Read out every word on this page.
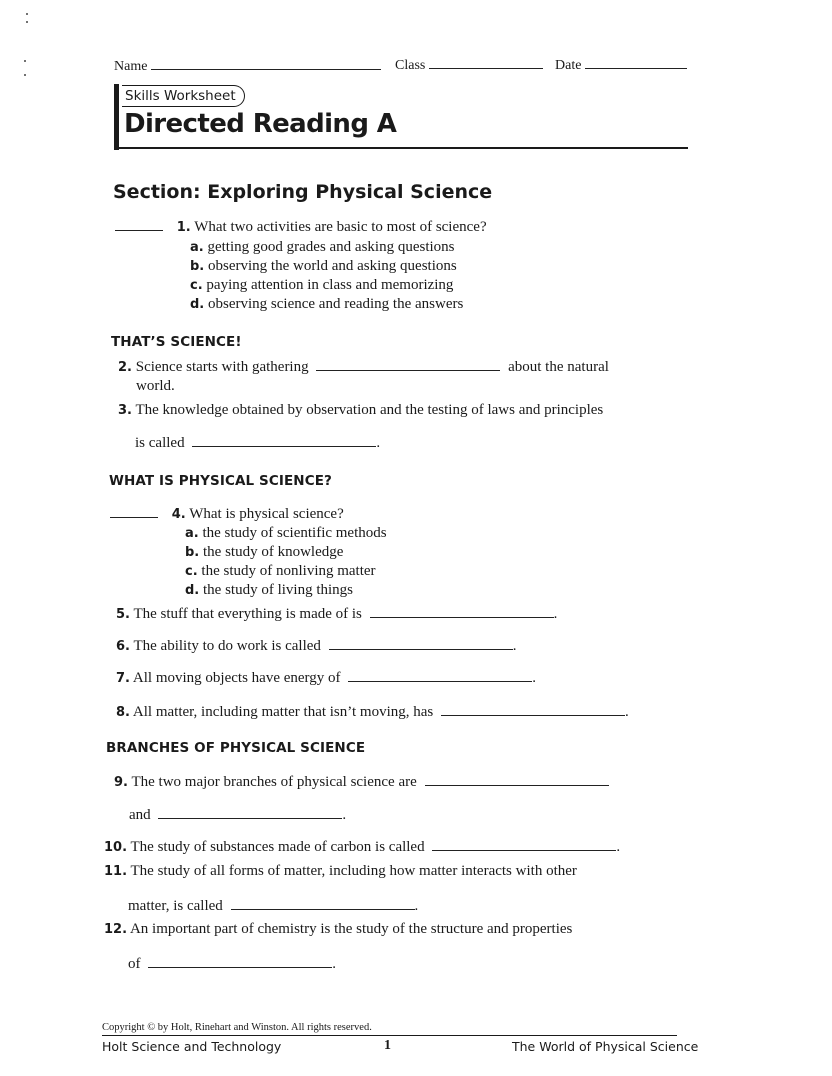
Name	Class	Date
Skills Worksheet
Directed Reading A
Section: Exploring Physical Science
1. What two activities are basic to most of science?
a. getting good grades and asking questions
b. observing the world and asking questions
c. paying attention in class and memorizing
d. observing science and reading the answers
THAT’S SCIENCE!
2. Science starts with gathering	about the natural
world.
3. The knowledge obtained by observation and the testing of laws and principles
is called	.
WHAT IS PHYSICAL SCIENCE?
4. What is physical science?
a. the study of scientific methods
b. the study of knowledge
c. the study of nonliving matter
d. the study of living things
5. The stuff that everything is made of is	.
6. The ability to do work is called	.
7. All moving objects have energy of	.
8. All matter, including matter that isn’t moving, has	.
BRANCHES OF PHYSICAL SCIENCE
9. The two major branches of physical science are
and	.
10. The study of substances made of carbon is called	.
11. The study of all forms of matter, including how matter interacts with other
matter, is called	.
12. An important part of chemistry is the study of the structure and properties
of	.
Copyright © by Holt, Rinehart and Winston. All rights reserved.
Holt Science and Technology	1	The World of Physical Science
